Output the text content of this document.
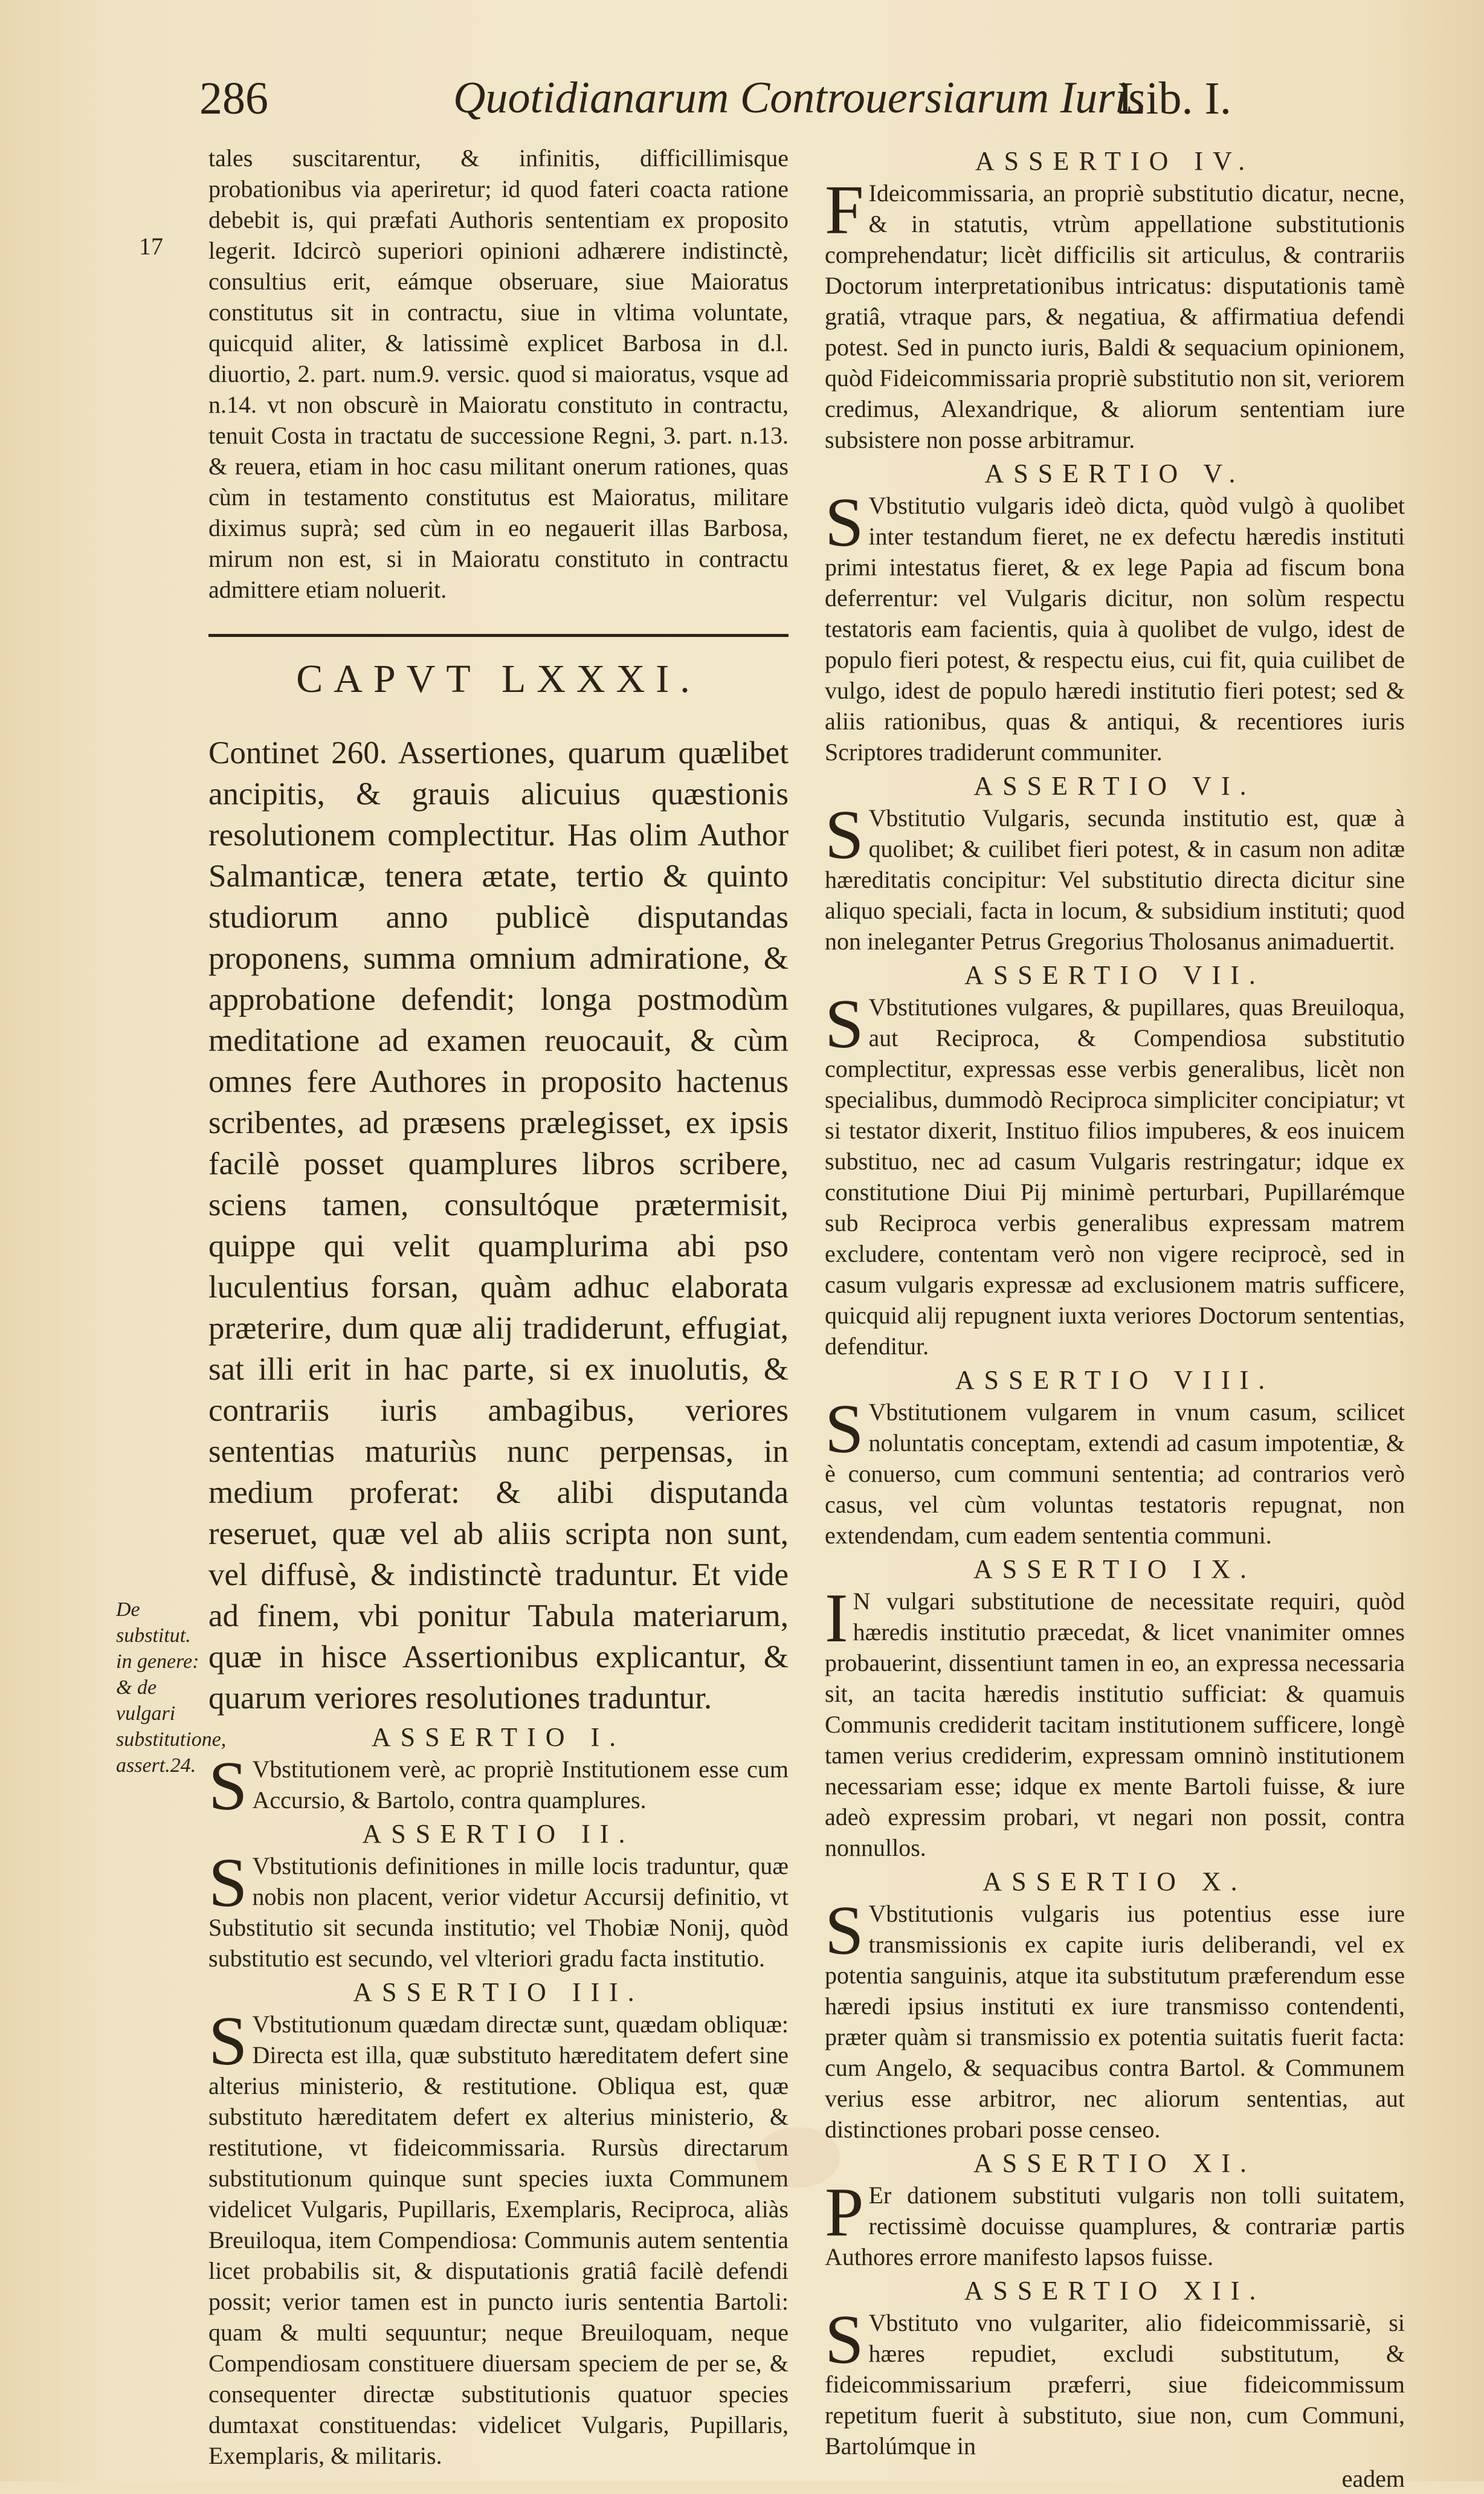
286	Quotidianarum Controuersiarum Iuris
Lib. I.
17
De substitut. in genere: & de vulgari substitutione, assert.24.

tales suscitarentur, & infinitis, difficillimisque probationibus via aperiretur; id quod fateri coacta ratione debebit is, qui præfati Authoris sententiam ex proposito legerit. Idcircò superiori opinioni adhærere indistinctè, consultius erit, eámque obseruare, siue Maioratus constitutus sit in contractu, siue in vltima voluntate, quicquid aliter, & latissimè explicet Barbosa in d.l. diuortio, 2. part. num.9. versic. quod si maioratus, vsque ad n.14. vt non obscurè in Maioratu constituto in contractu, tenuit Costa in tractatu de successione Regni, 3. part. n.13. & reuera, etiam in hoc casu militant onerum rationes, quas cùm in testamento constitutus est Maioratus, militare diximus suprà; sed cùm in eo negauerit illas Barbosa, mirum non est, si in Maioratu constituto in contractu admittere etiam noluerit.

CAPVT LXXXI.

Continet 260. Assertiones, quarum quælibet ancipitis, & grauis alicuius quæstionis resolutionem complectitur. Has olim Author Salmanticæ, tenera ætate, tertio & quinto studiorum anno publicè disputandas proponens, summa omnium admiratione, & approbatione defendit; longa postmodùm meditatione ad examen reuocauit, & cùm omnes fere Authores in proposito hactenus scribentes, ad præsens prælegisset, ex ipsis facilè posset quamplures libros scribere, sciens tamen, consultóque prætermisit, quippe qui velit quamplurima abi pso luculentius forsan, quàm adhuc elaborata præterire, dum quæ alij tradiderunt, effugiat, sat illi erit in hac parte, si ex inuolutis, & contrariis iuris ambagibus, veriores sententias maturiùs nunc perpensas, in medium proferat: & alibi disputanda reseruet, quæ vel ab aliis scripta non sunt, vel diffusè, & indistinctè traduntur. Et vide ad finem, vbi ponitur Tabula materiarum, quæ in hisce Assertionibus explicantur, & quarum veriores resolutiones traduntur.

ASSERTIO I.

S Vbstitutionem verè, ac propriè Institutionem esse cum Accursio, & Bartolo, contra quamplures.

ASSERTIO II.

S Vbstitutionis definitiones in mille locis traduntur, quæ nobis non placent, verior videtur Accursij definitio, vt Substitutio sit secunda institutio; vel Thobiæ Nonij, quòd substitutio est secundo, vel vlteriori gradu facta institutio.

ASSERTIO III.

S Vbstitutionum quædam directæ sunt, quædam obliquæ: Directa est illa, quæ substituto hæreditatem defert sine alterius ministerio, & restitutione. Obliqua est, quæ substituto hæreditatem defert ex alterius ministerio, & restitutione, vt fideicommissaria. Rursùs directarum substitutionum quinque sunt species iuxta Communem videlicet Vulgaris, Pupillaris, Exemplaris, Reciproca, aliàs Breuiloqua, item Compendiosa: Communis autem sententia licet probabilis sit, & disputationis gratiâ facilè defendi possit; verior tamen est in puncto iuris sententia Bartoli: quam & multi sequuntur; neque Breuiloquam, neque Compendiosam constituere diuersam speciem de per se, & consequenter directæ substitutionis quatuor species dumtaxat constituendas: videlicet Vulgaris, Pupillaris, Exemplaris, & militaris.

ASSERTIO IV.

F Ideicommissaria, an propriè substitutio dicatur, necne, & in statutis, vtrùm appellatione substitutionis comprehendatur; licèt difficilis sit articulus, & contrariis Doctorum interpretationibus intricatus: disputationis tamè gratiâ, vtraque pars, & negatiua, & affirmatiua defendi potest. Sed in puncto iuris, Baldi & sequacium opinionem, quòd Fideicommissaria propriè substitutio non sit, veriorem credimus, Alexandrique, & aliorum sententiam iure subsistere non posse arbitramur.

ASSERTIO V.

S Vbstitutio vulgaris ideò dicta, quòd vulgò à quolibet inter testandum fieret, ne ex defectu hæredis instituti primi intestatus fieret, & ex lege Papia ad fiscum bona deferrentur: vel Vulgaris dicitur, non solùm respectu testatoris eam facientis, quia à quolibet de vulgo, idest de populo fieri potest, & respectu eius, cui fit, quia cuilibet de vulgo, idest de populo hæredi institutio fieri potest; sed & aliis rationibus, quas & antiqui, & recentiores iuris Scriptores tradiderunt communiter.

ASSERTIO VI.

S Vbstitutio Vulgaris, secunda institutio est, quæ à quolibet; & cuilibet fieri potest, & in casum non aditæ hæreditatis concipitur: Vel substitutio directa dicitur sine aliquo speciali, facta in locum, & subsidium instituti; quod non ineleganter Petrus Gregorius Tholosanus animaduertit.

ASSERTIO VII.

S Vbstitutiones vulgares, & pupillares, quas Breuiloqua, aut Reciproca, & Compendiosa substitutio complectitur, expressas esse verbis generalibus, licèt non specialibus, dummodò Reciproca simpliciter concipiatur; vt si testator dixerit, Instituo filios impuberes, & eos inuicem substituo, nec ad casum Vulgaris restringatur; idque ex constitutione Diui Pij minimè perturbari, Pupillarémque sub Reciproca verbis generalibus expressam matrem excludere, contentam verò non vigere reciprocè, sed in casum vulgaris expressæ ad exclusionem matris sufficere, quicquid alij repugnent iuxta veriores Doctorum sententias, defenditur.

ASSERTIO VIII.

S Vbstitutionem vulgarem in vnum casum, scilicet noluntatis conceptam, extendi ad casum impotentiæ, & è conuerso, cum communi sententia; ad contrarios verò casus, vel cùm voluntas testatoris repugnat, non extendendam, cum eadem sententia communi.

ASSERTIO IX.

I N vulgari substitutione de necessitate requiri, quòd hæredis institutio præcedat, & licet vnanimiter omnes probauerint, dissentiunt tamen in eo, an expressa necessaria sit, an tacita hæredis institutio sufficiat: & quamuis Communis crediderit tacitam institutionem sufficere, longè tamen verius crediderim, expressam omninò institutionem necessariam esse; idque ex mente Bartoli fuisse, & iure adeò expressim probari, vt negari non possit, contra nonnullos.

ASSERTIO X.

S Vbstitutionis vulgaris ius potentius esse iure transmissionis ex capite iuris deliberandi, vel ex potentia sanguinis, atque ita substitutum præferendum esse hæredi ipsius instituti ex iure transmisso contendenti, præter quàm si transmissio ex potentia suitatis fuerit facta: cum Angelo, & sequacibus contra Bartol. & Communem verius esse arbitror, nec aliorum sententias, aut distinctiones probari posse censeo.

ASSERTIO XI.

P Er dationem substituti vulgaris non tolli suitatem, rectissimè docuisse quamplures, & contrariæ partis Authores errore manifesto lapsos fuisse.

ASSERTIO XII.

S Vbstituto vno vulgariter, alio fideicommissariè, si hæres repudiet, excludi substitutum, & fideicommissarium præferri, siue fideicommissum repetitum fuerit à substituto, siue non, cum Communi, Bartolúmque in

eadem
